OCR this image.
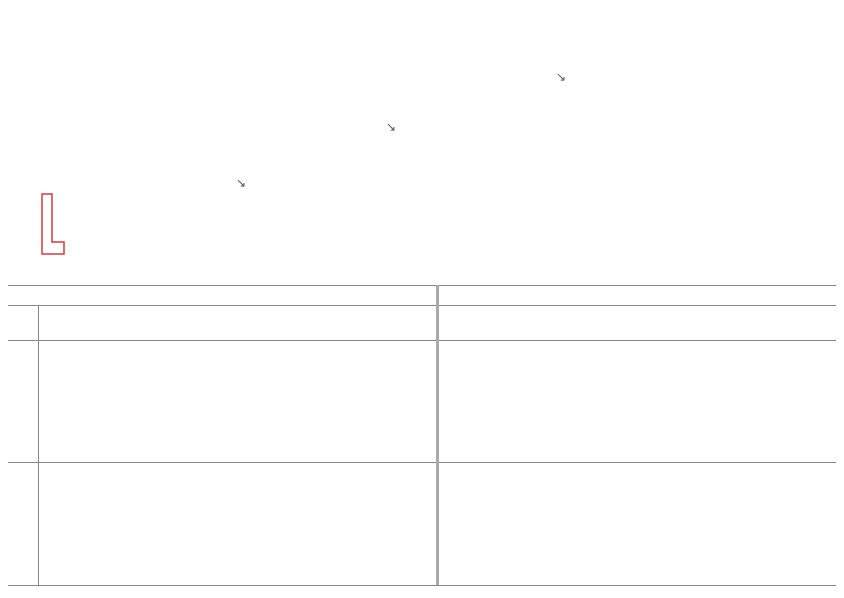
↘
↘
↘
